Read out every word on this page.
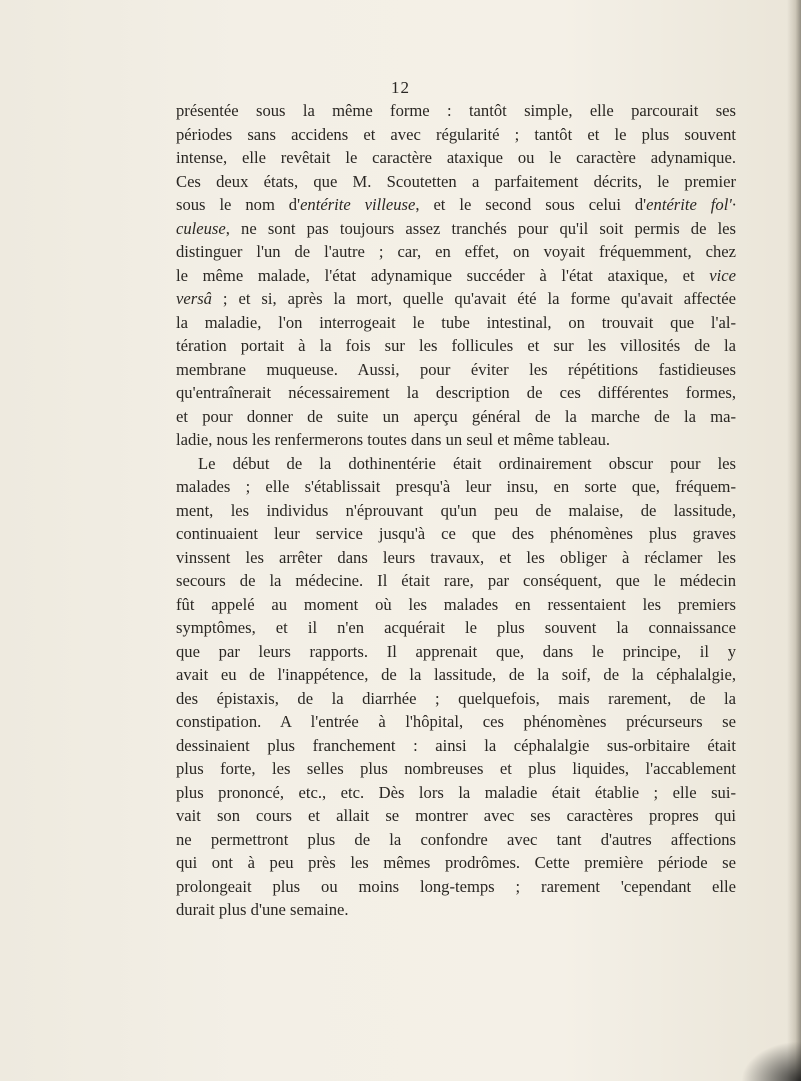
12
présentée sous la même forme : tantôt simple, elle parcourait ses
périodes sans accidens et avec régularité ; tantôt et le plus souvent
intense, elle revêtait le caractère ataxique ou le caractère adynamique.
Ces deux états, que M. Scoutetten a parfaitement décrits, le premier
sous le nom d'entérite villeuse, et le second sous celui d'entérite fol'·
culeuse, ne sont pas toujours assez tranchés pour qu'il soit permis de les
distinguer l'un de l'autre ; car, en effet, on voyait fréquemment, chez
le même malade, l'état adynamique succéder à l'état ataxique, et vice
versâ ; et si, après la mort, quelle qu'avait été la forme qu'avait affectée
la maladie, l'on interrogeait le tube intestinal, on trouvait que l'al-
tération portait à la fois sur les follicules et sur les villosités de la
membrane muqueuse. Aussi, pour éviter les répétitions fastidieuses
qu'entraînerait nécessairement la description de ces différentes formes,
et pour donner de suite un aperçu général de la marche de la ma-
ladie, nous les renfermerons toutes dans un seul et même tableau.
Le début de la dothinentérie était ordinairement obscur pour les
malades ; elle s'établissait presqu'à leur insu, en sorte que, fréquem-
ment, les individus n'éprouvant qu'un peu de malaise, de lassitude,
continuaient leur service jusqu'à ce que des phénomènes plus graves
vinssent les arrêter dans leurs travaux, et les obliger à réclamer les
secours de la médecine. Il était rare, par conséquent, que le médecin
fût appelé au moment où les malades en ressentaient les premiers
symptômes, et il n'en acquérait le plus souvent la connaissance
que par leurs rapports. Il apprenait que, dans le principe, il y
avait eu de l'inappétence, de la lassitude, de la soif, de la céphalalgie,
des épistaxis, de la diarrhée ; quelquefois, mais rarement, de la
constipation. A l'entrée à l'hôpital, ces phénomènes précurseurs se
dessinaient plus franchement : ainsi la céphalalgie sus-orbitaire était
plus forte, les selles plus nombreuses et plus liquides, l'accablement
plus prononcé, etc., etc. Dès lors la maladie était établie ; elle sui-
vait son cours et allait se montrer avec ses caractères propres qui
ne permettront plus de la confondre avec tant d'autres affections
qui ont à peu près les mêmes prodrômes. Cette première période se
prolongeait plus ou moins long-temps ; rarement 'cependant elle
durait plus d'une semaine.
